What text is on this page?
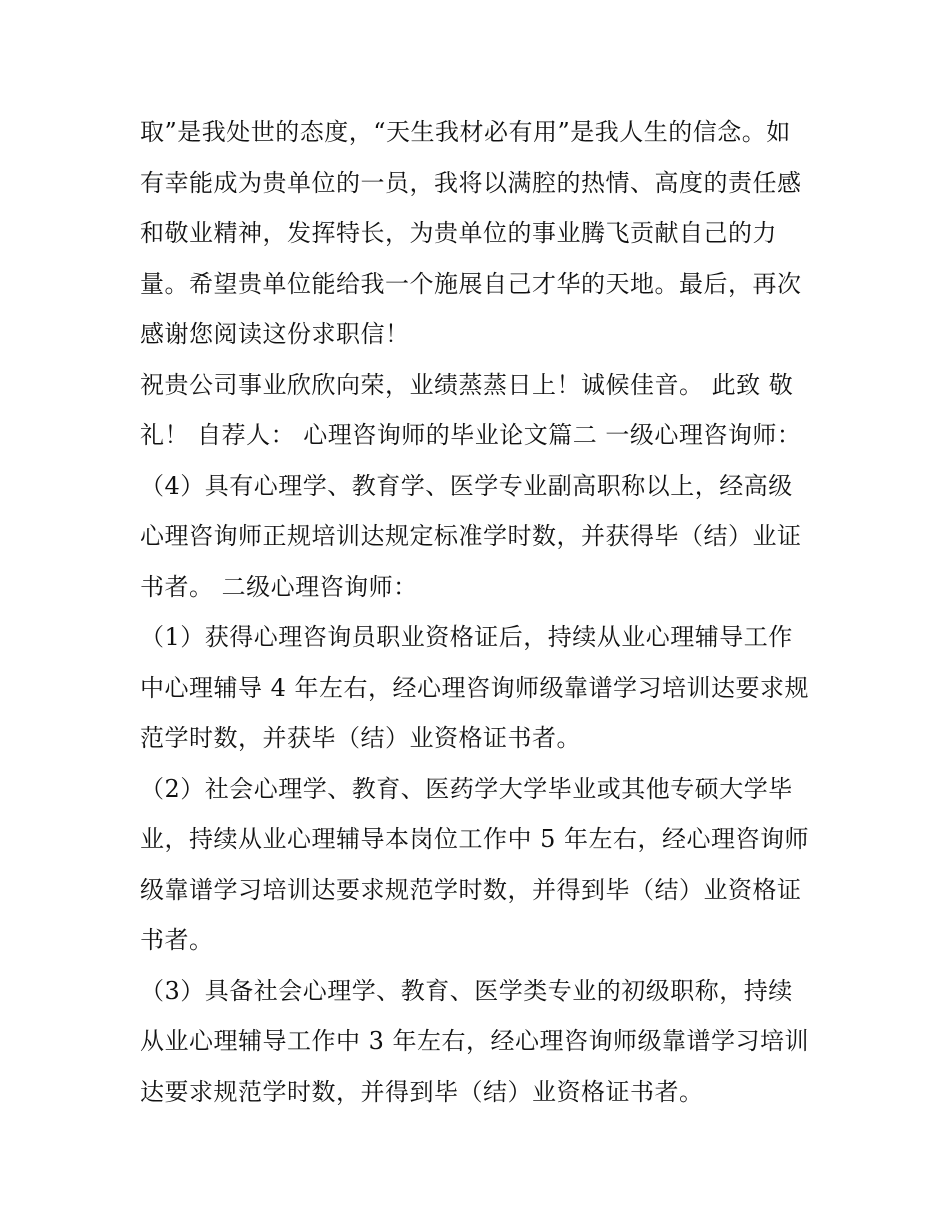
取”是我处世的态度，“天生我材必有用”是我人生的信念。如
有幸能成为贵单位的一员，我将以满腔的热情、高度的责任感
和敬业精神，发挥特长，为贵单位的事业腾飞贡献自己的力
量。希望贵单位能给我一个施展自己才华的天地。最后，再次
感谢您阅读这份求职信！
祝贵公司事业欣欣向荣，业绩蒸蒸日上！诚候佳音。 此致 敬
礼！ 自荐人： 心理咨询师的毕业论文篇二 一级心理咨询师：
（4）具有心理学、教育学、医学专业副高职称以上，经高级
心理咨询师正规培训达规定标准学时数，并获得毕（结）业证
书者。 二级心理咨询师：
（1）获得心理咨询员职业资格证后，持续从业心理辅导工作
中心理辅导 4 年左右，经心理咨询师级靠谱学习培训达要求规
范学时数，并获毕（结）业资格证书者。
（2）社会心理学、教育、医药学大学毕业或其他专硕大学毕
业，持续从业心理辅导本岗位工作中 5 年左右，经心理咨询师
级靠谱学习培训达要求规范学时数，并得到毕（结）业资格证
书者。
（3）具备社会心理学、教育、医学类专业的初级职称，持续
从业心理辅导工作中 3 年左右，经心理咨询师级靠谱学习培训
达要求规范学时数，并得到毕（结）业资格证书者。
